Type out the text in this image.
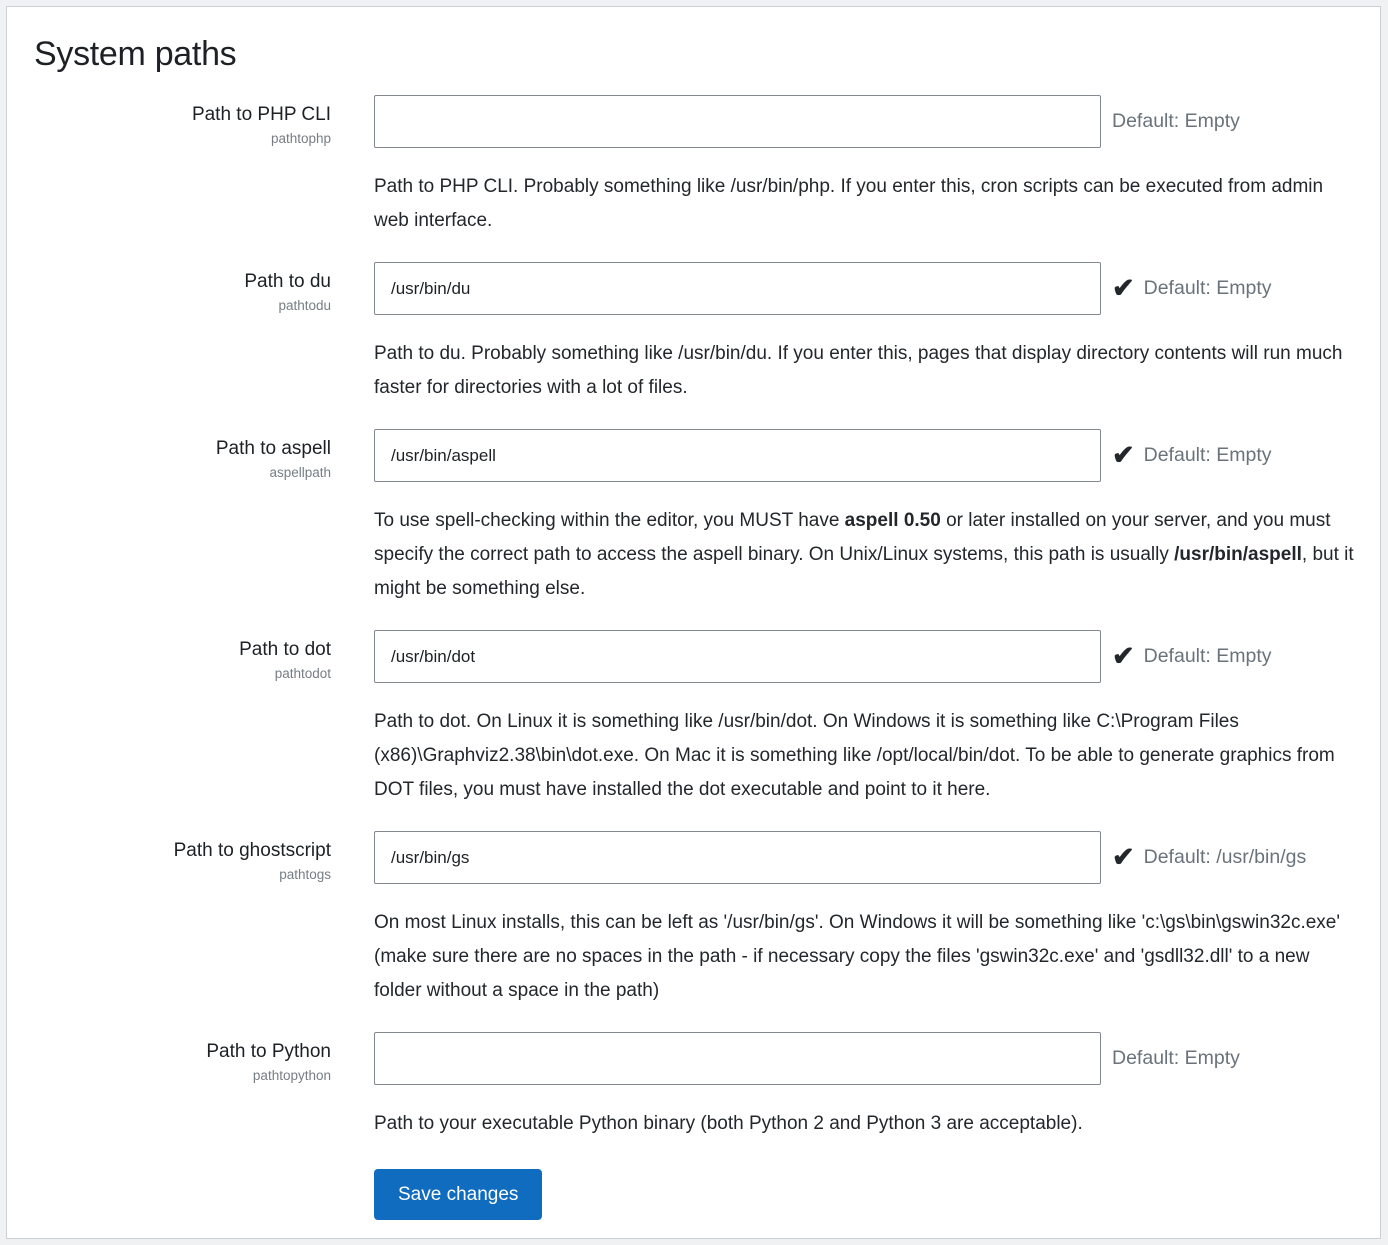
System paths
Path to PHP CLI
pathtophp
Default: Empty

Path to PHP CLI. Probably something like /usr/bin/php. If you enter this, cron scripts can be executed from admin web interface.

Path to du
pathtodu
/usr/bin/du
✔ Default: Empty

Path to du. Probably something like /usr/bin/du. If you enter this, pages that display directory contents will run much faster for directories with a lot of files.

Path to aspell
aspellpath
/usr/bin/aspell
✔ Default: Empty

To use spell-checking within the editor, you MUST have aspell 0.50 or later installed on your server, and you must specify the correct path to access the aspell binary. On Unix/Linux systems, this path is usually /usr/bin/aspell, but it might be something else.

Path to dot
pathtodot
/usr/bin/dot
✔ Default: Empty

Path to dot. On Linux it is something like /usr/bin/dot. On Windows it is something like C:\Program Files (x86)\Graphviz2.38\bin\dot.exe. On Mac it is something like /opt/local/bin/dot. To be able to generate graphics from DOT files, you must have installed the dot executable and point to it here.

Path to ghostscript
pathtogs
/usr/bin/gs
✔ Default: /usr/bin/gs

On most Linux installs, this can be left as '/usr/bin/gs'. On Windows it will be something like 'c:\gs\bin\gswin32c.exe' (make sure there are no spaces in the path - if necessary copy the files 'gswin32c.exe' and 'gsdll32.dll' to a new folder without a space in the path)

Path to Python
pathtopython
Default: Empty

Path to your executable Python binary (both Python 2 and Python 3 are acceptable).

Save changes
